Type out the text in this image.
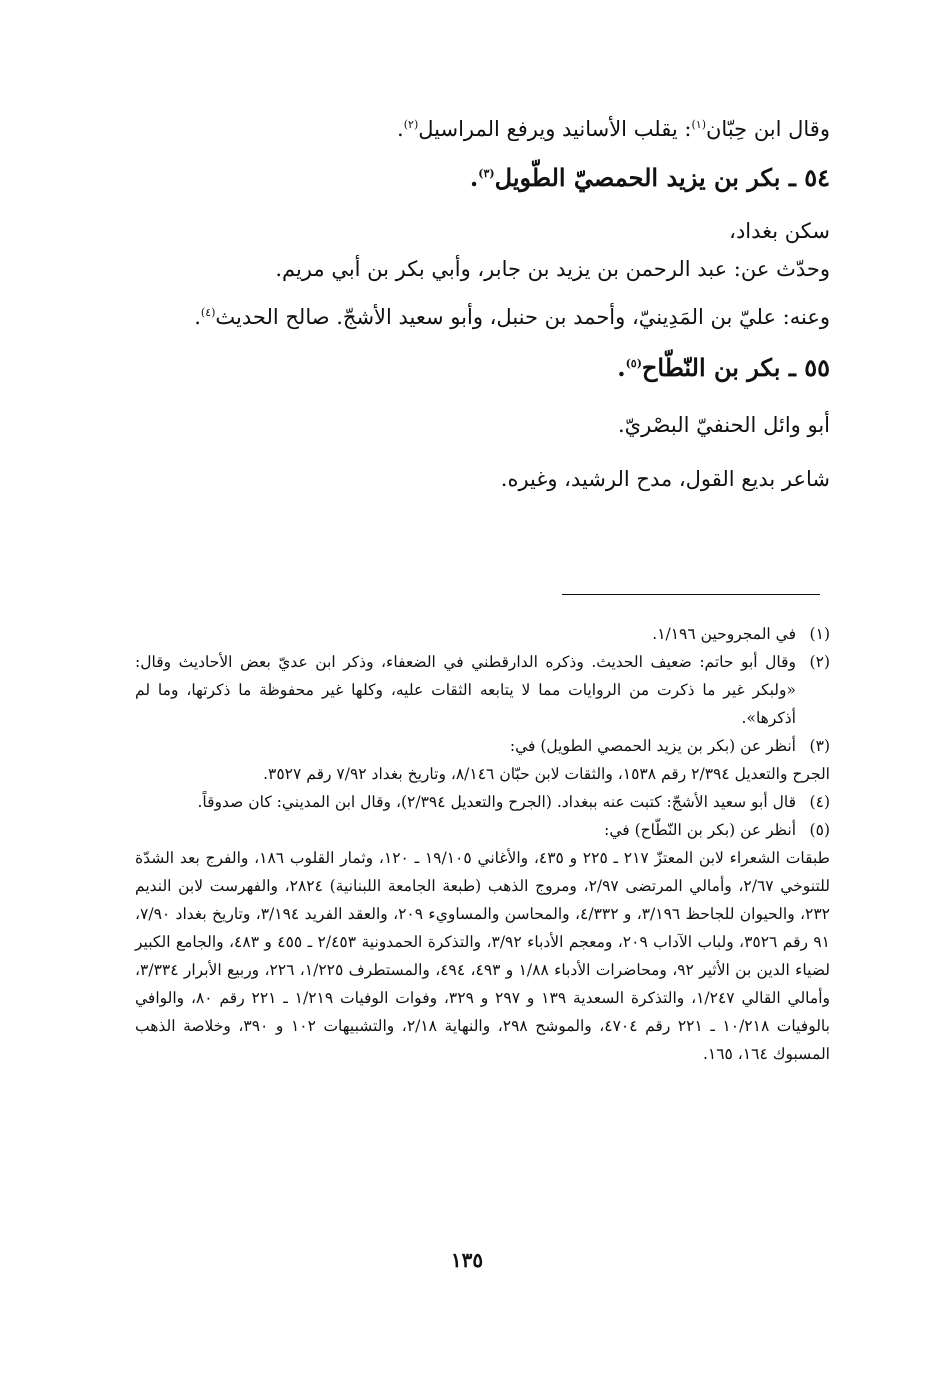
وقال ابن حِبّان$^{(١)}$: يقلب الأسانيد ويرفع المراسيل$^{(٢)}$.
٥٤ ـ بكر بن يزيد الحمصيّ الطّويل$^{(٣)}$.
سكن بغداد،
وحدّث عن: عبد الرحمن بن يزيد بن جابر، وأبي بكر بن أبي مريم.
وعنه: عليّ بن المَدِينيّ، وأحمد بن حنبل، وأبو سعيد الأشجّ. صالح الحديث$^{(٤)}$.
٥٥ ـ بكر بن النّطّاح$^{(٥)}$.
أبو وائل الحنفيّ البصْريّ.
شاعر بديع القول، مدح الرشيد، وغيره.
(١)
في المجروحين ١/١٩٦.
(٢)
وقال أبو حاتم: ضعيف الحديث. وذكره الدارقطني في الضعفاء، وذكر ابن عديّ بعض الأحاديث وقال: «ولبكر غير ما ذكرت من الروايات مما لا يتابعه الثقات عليه، وكلها غير محفوظة ما ذكرتها، وما لم أذكرها».
(٣)
أنظر عن (بكر بن يزيد الحمصي الطويل) في:
الجرح والتعديل ٢/٣٩٤ رقم ١٥٣٨، والثقات لابن حبّان ٨/١٤٦، وتاريخ بغداد ٧/٩٢ رقم ٣٥٢٧.
(٤)
قال أبو سعيد الأشجّ: كتبت عنه ببغداد. (الجرح والتعديل ٢/٣٩٤)، وقال ابن المديني: كان صدوقاً.
(٥)
أنظر عن (بكر بن النّطّاح) في:
طبقات الشعراء لابن المعتزّ ٢١٧ ـ ٢٢٥ و ٤٣٥، والأغاني ١٩/١٠٥ ـ ١٢٠، وثمار القلوب ١٨٦، والفرج بعد الشدّة للتنوخي ٢/٦٧، وأمالي المرتضى ٢/٩٧، ومروج الذهب (طبعة الجامعة اللبنانية) ٢٨٢٤، والفهرست لابن النديم ٢٣٢، والحيوان للجاحظ ٣/١٩٦، و ٤/٣٣٢، والمحاسن والمساويء ٢٠٩، والعقد الفريد ٣/١٩٤، وتاريخ بغداد ٧/٩٠، ٩١ رقم ٣٥٢٦، ولباب الآداب ٢٠٩، ومعجم الأدباء ٣/٩٢، والتذكرة الحمدونية ٢/٤٥٣ ـ ٤٥٥ و ٤٨٣، والجامع الكبير لضياء الدين بن الأثير ٩٢، ومحاضرات الأدباء ١/٨٨ و ٤٩٣، ٤٩٤، والمستطرف ١/٢٢٥، ٢٢٦، وربيع الأبرار ٣/٣٣٤، وأمالي القالي ١/٢٤٧، والتذكرة السعدية ١٣٩ و ٢٩٧ و ٣٢٩، وفوات الوفيات ١/٢١٩ ـ ٢٢١ رقم ٨٠، والوافي بالوفيات ١٠/٢١٨ ـ ٢٢١ رقم ٤٧٠٤، والموشح ٢٩٨، والنهاية ٢/١٨، والتشبيهات ١٠٢ و ٣٩٠، وخلاصة الذهب المسبوك ١٦٤، ١٦٥.
١٣٥
